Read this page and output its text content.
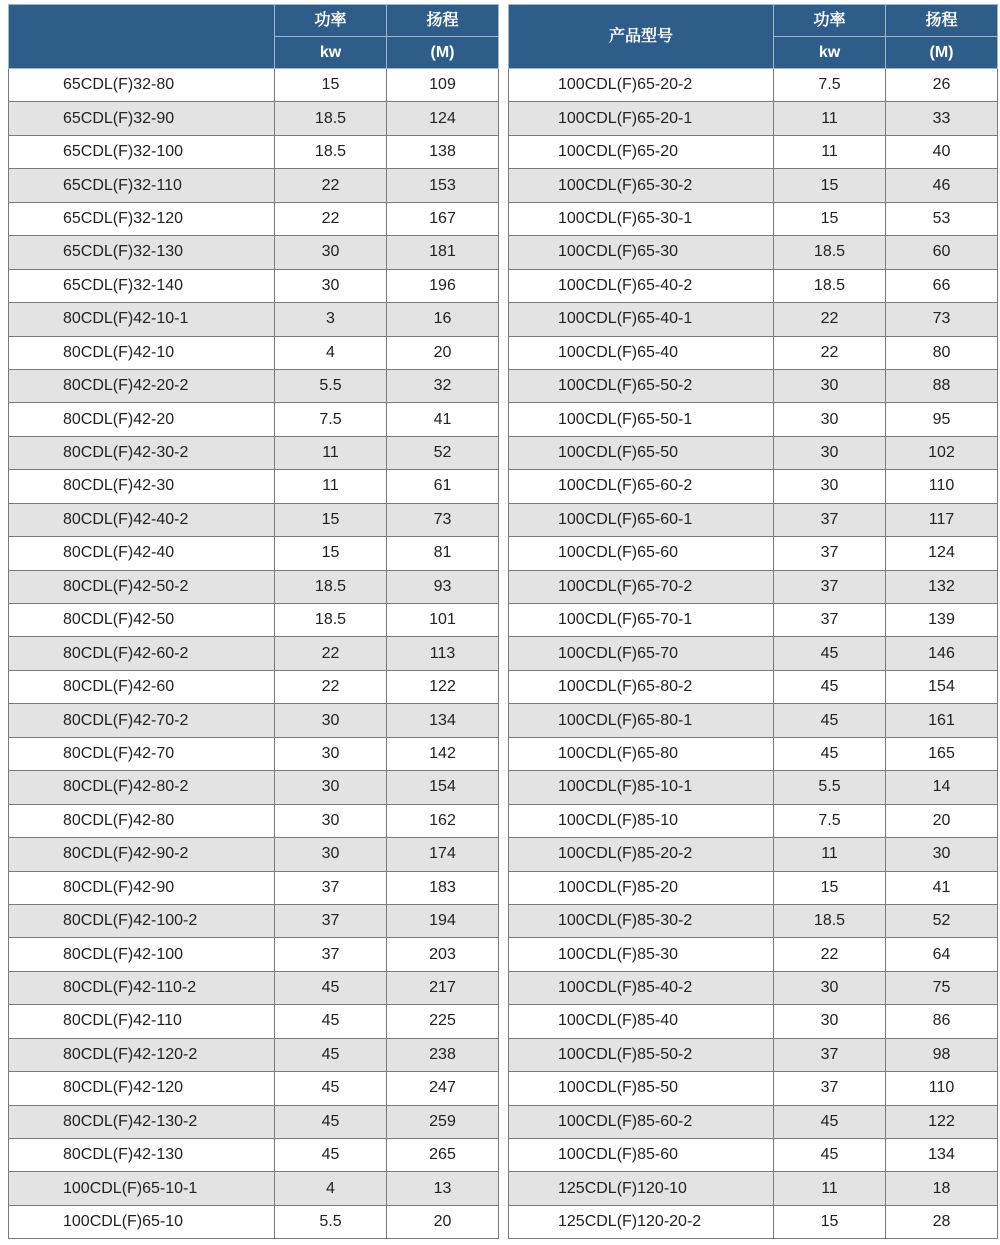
	功率	扬程
	kw	(M)
65CDL(F)32-80	15	109
65CDL(F)32-90	18.5	124
65CDL(F)32-100	18.5	138
65CDL(F)32-110	22	153
65CDL(F)32-120	22	167
65CDL(F)32-130	30	181
65CDL(F)32-140	30	196
80CDL(F)42-10-1	3	16
80CDL(F)42-10	4	20
80CDL(F)42-20-2	5.5	32
80CDL(F)42-20	7.5	41
80CDL(F)42-30-2	11	52
80CDL(F)42-30	11	61
80CDL(F)42-40-2	15	73
80CDL(F)42-40	15	81
80CDL(F)42-50-2	18.5	93
80CDL(F)42-50	18.5	101
80CDL(F)42-60-2	22	113
80CDL(F)42-60	22	122
80CDL(F)42-70-2	30	134
80CDL(F)42-70	30	142
80CDL(F)42-80-2	30	154
80CDL(F)42-80	30	162
80CDL(F)42-90-2	30	174
80CDL(F)42-90	37	183
80CDL(F)42-100-2	37	194
80CDL(F)42-100	37	203
80CDL(F)42-110-2	45	217
80CDL(F)42-110	45	225
80CDL(F)42-120-2	45	238
80CDL(F)42-120	45	247
80CDL(F)42-130-2	45	259
80CDL(F)42-130	45	265
100CDL(F)65-10-1	4	13
100CDL(F)65-10	5.5	20
产品型号	功率	扬程
	kw	(M)
100CDL(F)65-20-2	7.5	26
100CDL(F)65-20-1	11	33
100CDL(F)65-20	11	40
100CDL(F)65-30-2	15	46
100CDL(F)65-30-1	15	53
100CDL(F)65-30	18.5	60
100CDL(F)65-40-2	18.5	66
100CDL(F)65-40-1	22	73
100CDL(F)65-40	22	80
100CDL(F)65-50-2	30	88
100CDL(F)65-50-1	30	95
100CDL(F)65-50	30	102
100CDL(F)65-60-2	30	110
100CDL(F)65-60-1	37	117
100CDL(F)65-60	37	124
100CDL(F)65-70-2	37	132
100CDL(F)65-70-1	37	139
100CDL(F)65-70	45	146
100CDL(F)65-80-2	45	154
100CDL(F)65-80-1	45	161
100CDL(F)65-80	45	165
100CDL(F)85-10-1	5.5	14
100CDL(F)85-10	7.5	20
100CDL(F)85-20-2	11	30
100CDL(F)85-20	15	41
100CDL(F)85-30-2	18.5	52
100CDL(F)85-30	22	64
100CDL(F)85-40-2	30	75
100CDL(F)85-40	30	86
100CDL(F)85-50-2	37	98
100CDL(F)85-50	37	110
100CDL(F)85-60-2	45	122
100CDL(F)85-60	45	134
125CDL(F)120-10	11	18
125CDL(F)120-20-2	15	28
